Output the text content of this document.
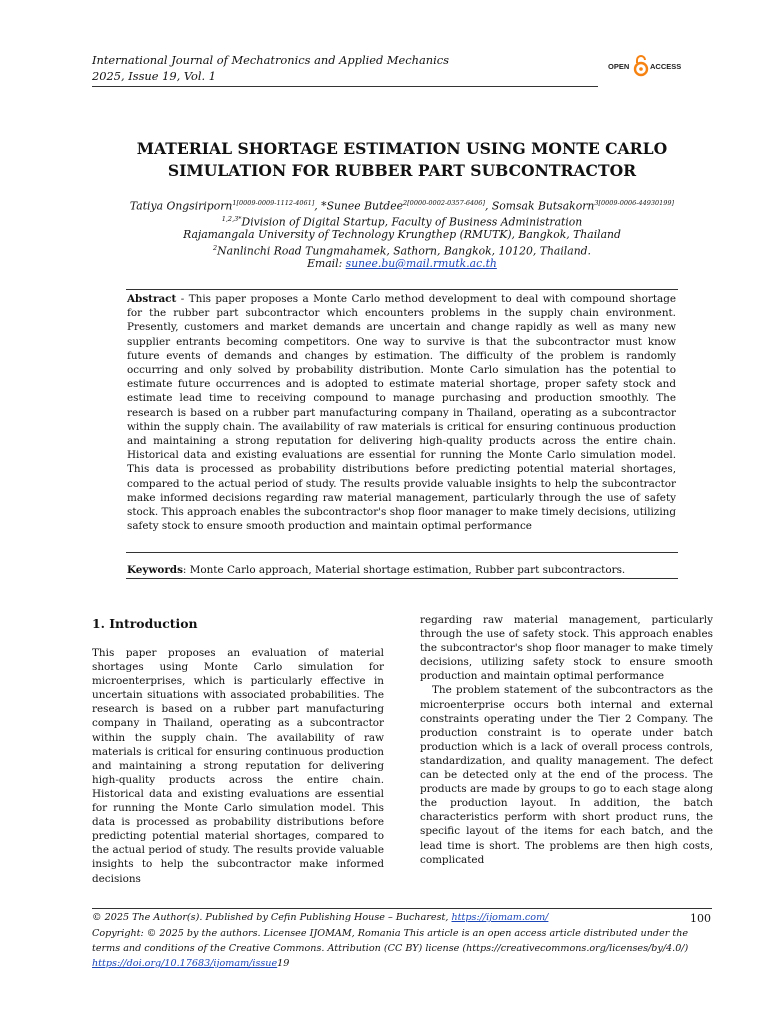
International Journal of Mechatronics and Applied Mechanics
2025, Issue 19, Vol. 1
OPEN	ACCESS
MATERIAL SHORTAGE ESTIMATION USING MONTE CARLO
SIMULATION FOR RUBBER PART SUBCONTRACTOR
Tatiya Ongsiriporn$^{1[0009-0009-1112-4061]}$, *Sunee Butdee$^{2[0000-0002-0357-6406]}$, Somsak Butsakorn$^{3[0009-0006-44930199]}$
$^{1,2,3*}$Division of Digital Startup, Faculty of Business Administration
Rajamangala University of Technology Krungthep (RMUTK), Bangkok, Thailand
$^2$Nanlinchi Road Tungmahamek, Sathorn, Bangkok, 10120, Thailand.
Email: sunee.bu@mail.rmutk.ac.th
Abstract - This paper proposes a Monte Carlo method development to deal with compound shortage for the rubber part subcontractor which encounters problems in the supply chain environment. Presently, customers and market demands are uncertain and change rapidly as well as many new supplier entrants becoming competitors. One way to survive is that the subcontractor must know future events of demands and changes by estimation. The difficulty of the problem is randomly occurring and only solved by probability distribution. Monte Carlo simulation has the potential to estimate future occurrences and is adopted to estimate material shortage, proper safety stock and estimate lead time to receiving compound to manage purchasing and production smoothly. The research is based on a rubber part manufacturing company in Thailand, operating as a subcontractor within the supply chain. The availability of raw materials is critical for ensuring continuous production and maintaining a strong reputation for delivering high-quality products across the entire chain. Historical data and existing evaluations are essential for running the Monte Carlo simulation model. This data is processed as probability distributions before predicting potential material shortages, compared to the actual period of study. The results provide valuable insights to help the subcontractor make informed decisions regarding raw material management, particularly through the use of safety stock. This approach enables the subcontractor's shop floor manager to make timely decisions, utilizing safety stock to ensure smooth production and maintain optimal performance
Keywords: Monte Carlo approach, Material shortage estimation, Rubber part subcontractors.
1. Introduction
This paper proposes an evaluation of material shortages using Monte Carlo simulation for microenterprises, which is particularly effective in uncertain situations with associated probabilities. The research is based on a rubber part manufacturing company in Thailand, operating as a subcontractor within the supply chain. The availability of raw materials is critical for ensuring continuous production and maintaining a strong reputation for delivering high-quality products across the entire chain. Historical data and existing evaluations are essential for running the Monte Carlo simulation model. This data is processed as probability distributions before predicting potential material shortages, compared to the actual period of study. The results provide valuable insights to help the subcontractor make informed decisions

regarding raw material management, particularly through the use of safety stock. This approach enables the subcontractor's shop floor manager to make timely decisions, utilizing safety stock to ensure smooth production and maintain optimal performance

The problem statement of the subcontractors as the microenterprise occurs both internal and external constraints operating under the Tier 2 Company. The production constraint is to operate under batch production which is a lack of overall process controls, standardization, and quality management. The defect can be detected only at the end of the process. The products are made by groups to go to each stage along the production layout. In addition, the batch characteristics perform with short product runs, the specific layout of the items for each batch, and the lead time is short. The problems are then high costs, complicated

© 2025 The Author(s). Published by Cefin Publishing House – Bucharest, https://ijomam.com/	100
Copyright: © 2025 by the authors. Licensee IJOMAM, Romania This article is an open access article distributed under the
terms and conditions of the Creative Commons. Attribution (CC BY) license (https://creativecommons.org/licenses/by/4.0/)
https://doi.org/10.17683/ijomam/issue19
